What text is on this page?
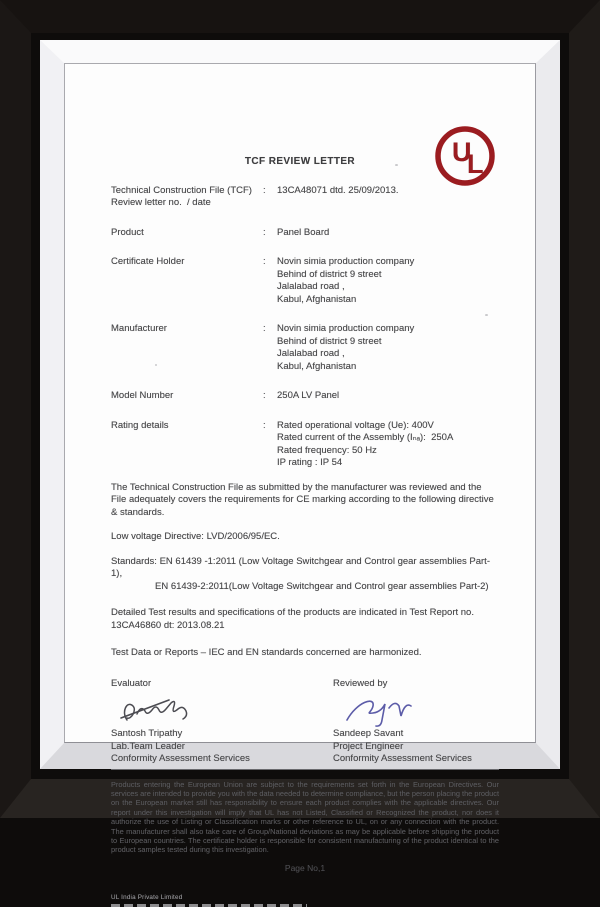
U
L
TCF REVIEW LETTER
Technical Construction File (TCF)
Review letter no.  / date
:	13CA48071 dtd. 25/09/2013.
Product	:	Panel Board
Certificate Holder	:	Novin simia production company
Behind of district 9 street
Jalalabad road ,
Kabul, Afghanistan
Manufacturer	:	Novin simia production company
Behind of district 9 street
Jalalabad road ,
Kabul, Afghanistan
Model Number	:	250A LV Panel
Rating details	:	Rated operational voltage (Ue): 400V
Rated current of the Assembly (Iₙₐ):  250A
Rated frequency: 50 Hz
IP rating : IP 54

The Technical Construction File as submitted by the manufacturer was reviewed and the File adequately covers the requirements for CE marking according to the following directive & standards.

Low voltage Directive: LVD/2006/95/EC.

Standards: EN 61439 -1:2011 (Low Voltage Switchgear and Control gear assemblies Part-1),
EN 61439-2:2011(Low Voltage Switchgear and Control gear assemblies Part-2)
Detailed Test results and specifications of the products are indicated in Test Report no.
13CA46860 dt: 2013.08.21

Test Data or Reports – IEC and EN standards concerned are harmonized.

Evaluator
Santosh Tripathy
Lab.Team Leader
Conformity Assessment Services
Reviewed by
Sandeep Savant
Project Engineer
Conformity Assessment Services

Products entering the European Union are subject to the requirements set forth in the European Directives. Our services are intended to provide you with the data needed to determine compliance, but the person placing the product on the European market still has responsibility to ensure each product complies with the applicable directives. Our report under this investigation will imply that UL has not Listed, Classified or Recognized the product, nor does it authorize the use of Listing or Classification marks or other reference to UL, on or any connection with the product. The manufacturer shall also take care of Group/National deviations as may be applicable before shipping the product to European countries. The certificate holder is responsible for consistent manufacturing of the product identical to the product samples tested during this investigation.

Page No,1
UL India Private Limited
